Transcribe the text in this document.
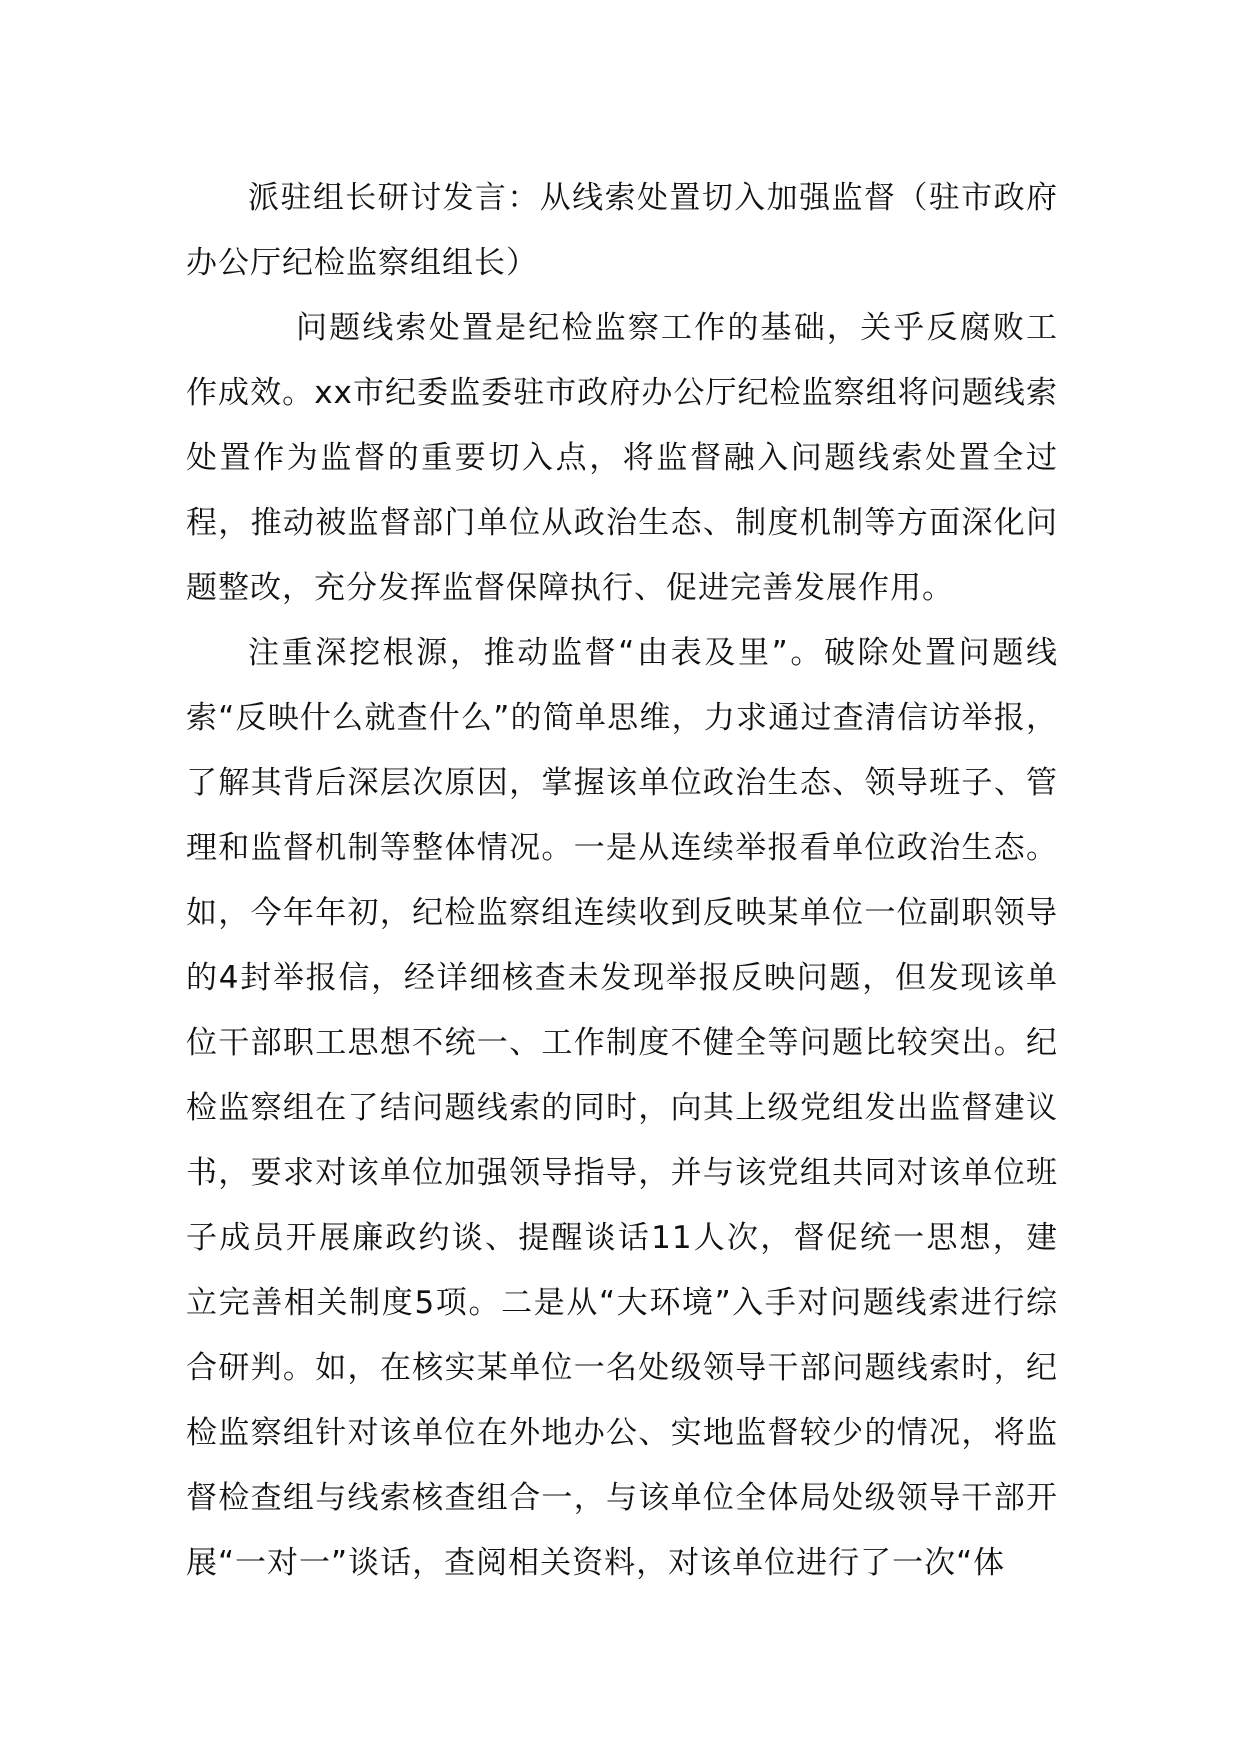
派驻组长研讨发言：从线索处置切入加强监督（驻市政府办公厅纪检监察组组长）

问题线索处置是纪检监察工作的基础，关乎反腐败工作成效。xx市纪委监委驻市政府办公厅纪检监察组将问题线索处置作为监督的重要切入点，将监督融入问题线索处置全过程，推动被监督部门单位从政治生态、制度机制等方面深化问题整改，充分发挥监督保障执行、促进完善发展作用。

注重深挖根源，推动监督“由表及里”。破除处置问题线索“反映什么就查什么”的简单思维，力求通过查清信访举报，了解其背后深层次原因，掌握该单位政治生态、领导班子、管理和监督机制等整体情况。一是从连续举报看单位政治生态。如，今年年初，纪检监察组连续收到反映某单位一位副职领导的4封举报信，经详细核查未发现举报反映问题，但发现该单位干部职工思想不统一、工作制度不健全等问题比较突出。纪检监察组在了结问题线索的同时，向其上级党组发出监督建议书，要求对该单位加强领导指导，并与该党组共同对该单位班子成员开展廉政约谈、提醒谈话11人次，督促统一思想，建立完善相关制度5项。二是从“大环境”入手对问题线索进行综合研判。如，在核实某单位一名处级领导干部问题线索时，纪检监察组针对该单位在外地办公、实地监督较少的情况，将监督检查组与线索核查组合一，与该单位全体局处级领导干部开展“一对一”谈话，查阅相关资料，对该单位进行了一次“体
